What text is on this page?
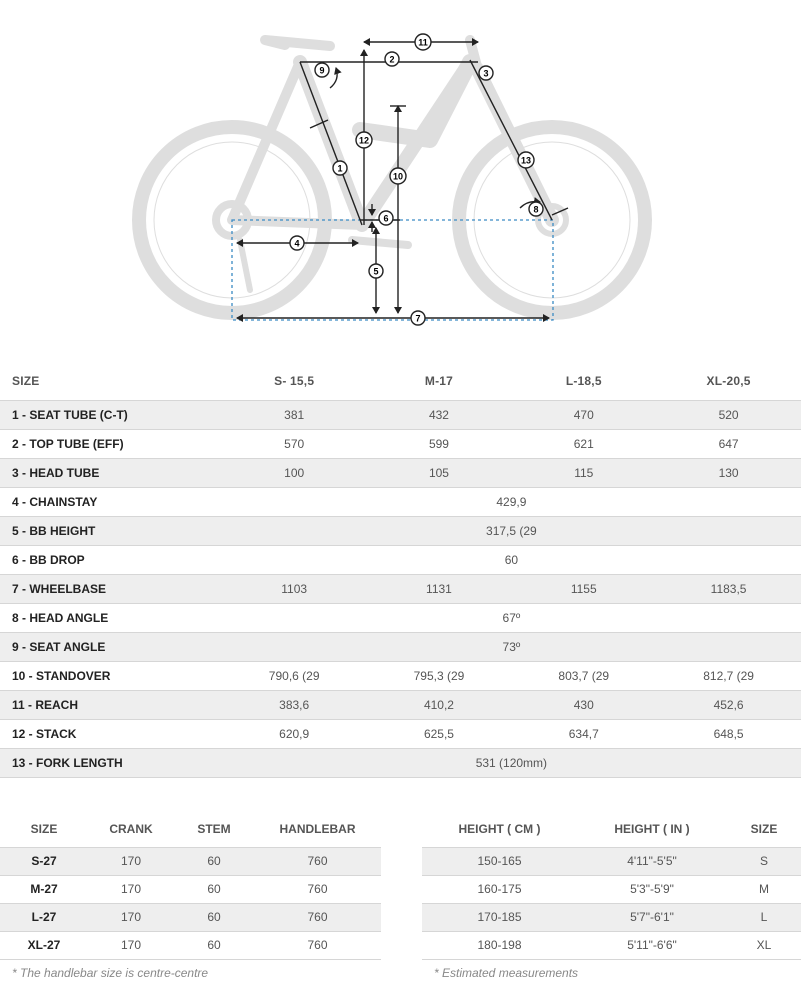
1
2
3
4
5
6
7
8
9
10
11
12
13
SIZE	S- 15,5	M-17	L-18,5	XL-20,5
1 - SEAT TUBE (C-T)	381	432	470	520
2 - TOP TUBE (EFF)	570	599	621	647
3 - HEAD TUBE	100	105	115	130
4 - CHAINSTAY	429,9			
5 - BB HEIGHT	317,5 (29			
6 - BB DROP	60			
7 - WHEELBASE	1103	1131	1155	1183,5
8 - HEAD ANGLE	67º			
9 - SEAT ANGLE	73º			
10 - STANDOVER	790,6 (29	795,3 (29	803,7 (29	812,7 (29
11 - REACH	383,6	410,2	430	452,6
12 - STACK	620,9	625,5	634,7	648,5
13 - FORK LENGTH	531 (120mm)			
SIZE	CRANK	STEM	HANDLEBAR
S-27	170	60	760
M-27	170	60	760
L-27	170	60	760
XL-27	170	60	760
HEIGHT ( CM )	HEIGHT ( IN )	SIZE
150-165	4'11"-5'5"	S
160-175	5'3"-5'9"	M
170-185	5'7"-6'1"	L
180-198	5'11"-6'6"	XL
* The handlebar size is centre-centre	* Estimated measurements
